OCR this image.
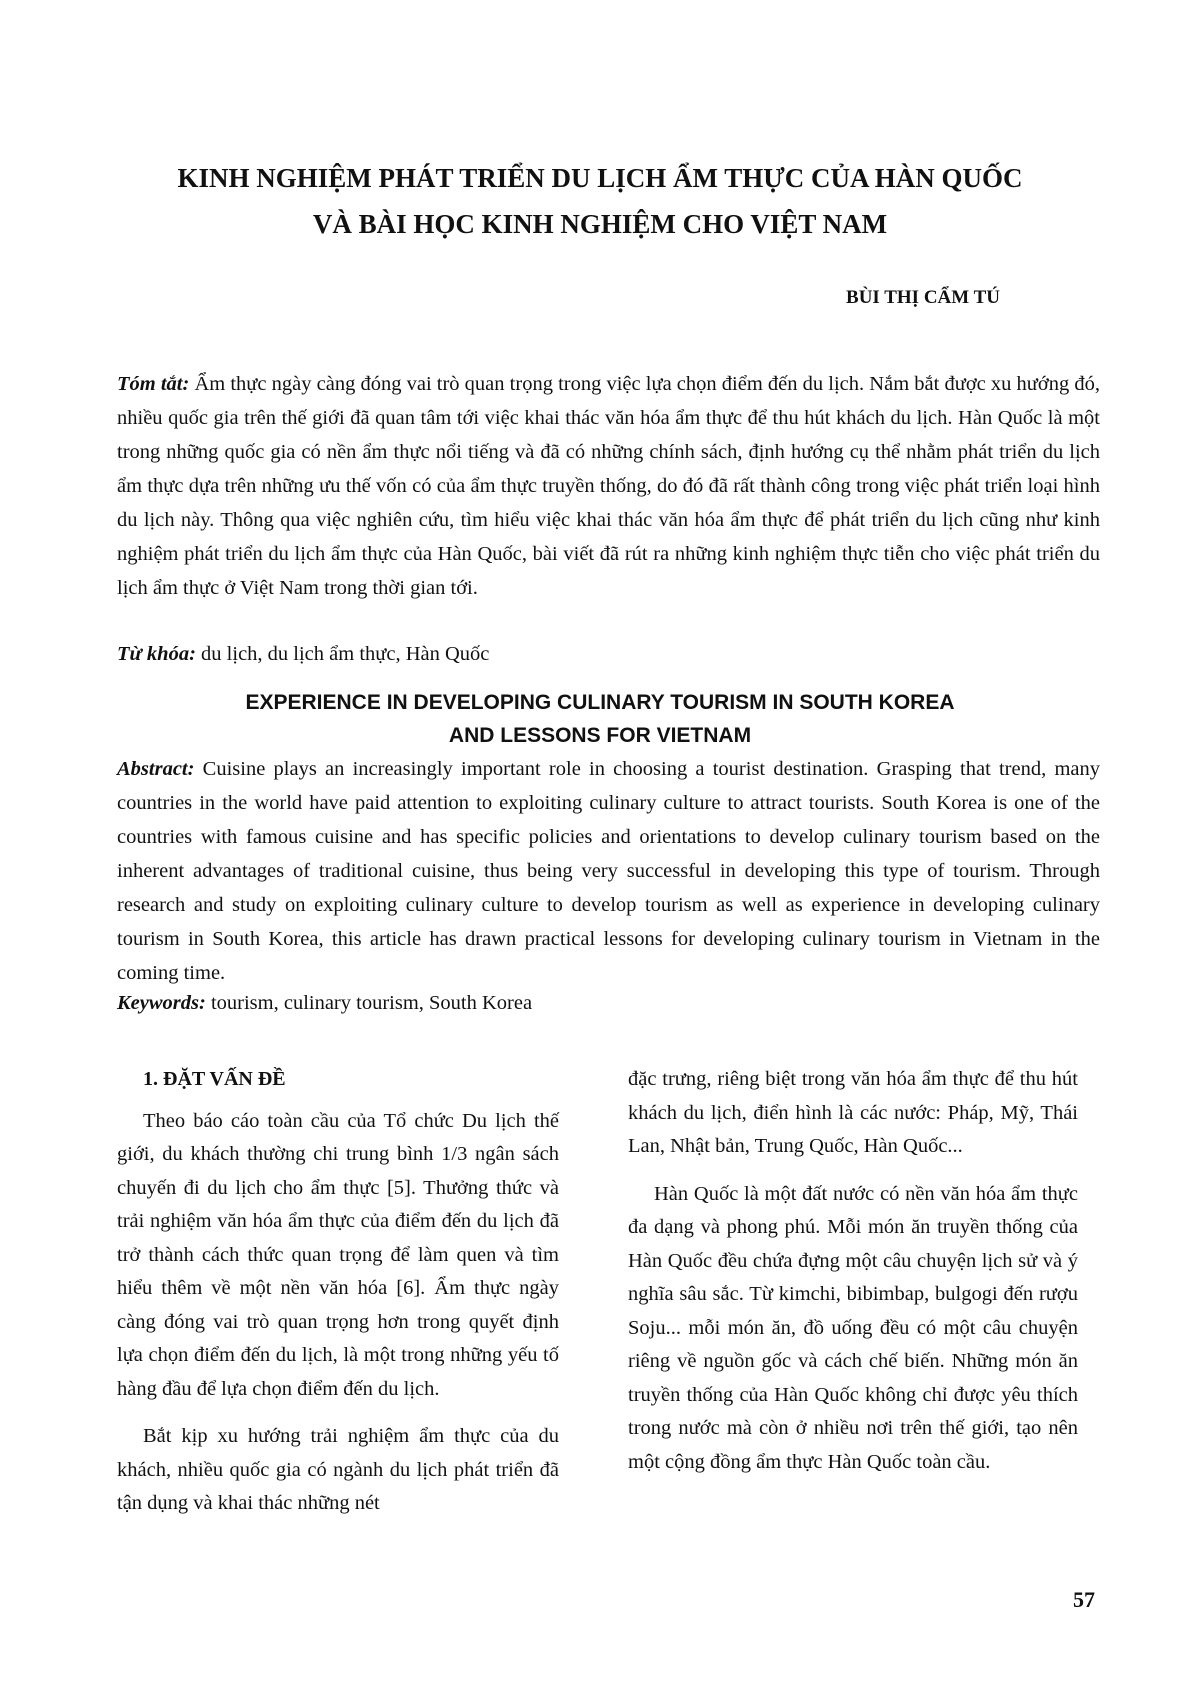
KINH NGHIỆM PHÁT TRIỂN DU LỊCH ẨM THỰC CỦA HÀN QUỐC
VÀ BÀI HỌC KINH NGHIỆM CHO VIỆT NAM

BÙI THỊ CẨM TÚ

Tóm tắt: Ẩm thực ngày càng đóng vai trò quan trọng trong việc lựa chọn điểm đến du lịch. Nắm bắt được xu hướng đó, nhiều quốc gia trên thế giới đã quan tâm tới việc khai thác văn hóa ẩm thực để thu hút khách du lịch. Hàn Quốc là một trong những quốc gia có nền ẩm thực nổi tiếng và đã có những chính sách, định hướng cụ thể nhằm phát triển du lịch ẩm thực dựa trên những ưu thế vốn có của ẩm thực truyền thống, do đó đã rất thành công trong việc phát triển loại hình du lịch này. Thông qua việc nghiên cứu, tìm hiểu việc khai thác văn hóa ẩm thực để phát triển du lịch cũng như kinh nghiệm phát triển du lịch ẩm thực của Hàn Quốc, bài viết đã rút ra những kinh nghiệm thực tiễn cho việc phát triển du lịch ẩm thực ở Việt Nam trong thời gian tới.

Từ khóa: du lịch, du lịch ẩm thực, Hàn Quốc

EXPERIENCE IN DEVELOPING CULINARY TOURISM IN SOUTH KOREA
AND LESSONS FOR VIETNAM

Abstract: Cuisine plays an increasingly important role in choosing a tourist destination. Grasping that trend, many countries in the world have paid attention to exploiting culinary culture to attract tourists. South Korea is one of the countries with famous cuisine and has specific policies and orientations to develop culinary tourism based on the inherent advantages of traditional cuisine, thus being very successful in developing this type of tourism. Through research and study on exploiting culinary culture to develop tourism as well as experience in developing culinary tourism in South Korea, this article has drawn practical lessons for developing culinary tourism in Vietnam in the coming time.

Keywords: tourism, culinary tourism, South Korea

1. ĐẶT VẤN ĐỀ

Theo báo cáo toàn cầu của Tổ chức Du lịch thế giới, du khách thường chi trung bình 1/3 ngân sách chuyến đi du lịch cho ẩm thực [5]. Thưởng thức và trải nghiệm văn hóa ẩm thực của điểm đến du lịch đã trở thành cách thức quan trọng để làm quen và tìm hiểu thêm về một nền văn hóa [6]. Ẩm thực ngày càng đóng vai trò quan trọng hơn trong quyết định lựa chọn điểm đến du lịch, là một trong những yếu tố hàng đầu để lựa chọn điểm đến du lịch.

Bắt kịp xu hướng trải nghiệm ẩm thực của du khách, nhiều quốc gia có ngành du lịch phát triển đã tận dụng và khai thác những nét

đặc trưng, riêng biệt trong văn hóa ẩm thực để thu hút khách du lịch, điển hình là các nước: Pháp, Mỹ, Thái Lan, Nhật bản, Trung Quốc, Hàn Quốc...

Hàn Quốc là một đất nước có nền văn hóa ẩm thực đa dạng và phong phú. Mỗi món ăn truyền thống của Hàn Quốc đều chứa đựng một câu chuyện lịch sử và ý nghĩa sâu sắc. Từ kimchi, bibimbap, bulgogi đến rượu Soju... mỗi món ăn, đồ uống đều có một câu chuyện riêng về nguồn gốc và cách chế biến. Những món ăn truyền thống của Hàn Quốc không chỉ được yêu thích trong nước mà còn ở nhiều nơi trên thế giới, tạo nên một cộng đồng ẩm thực Hàn Quốc toàn cầu.

57
